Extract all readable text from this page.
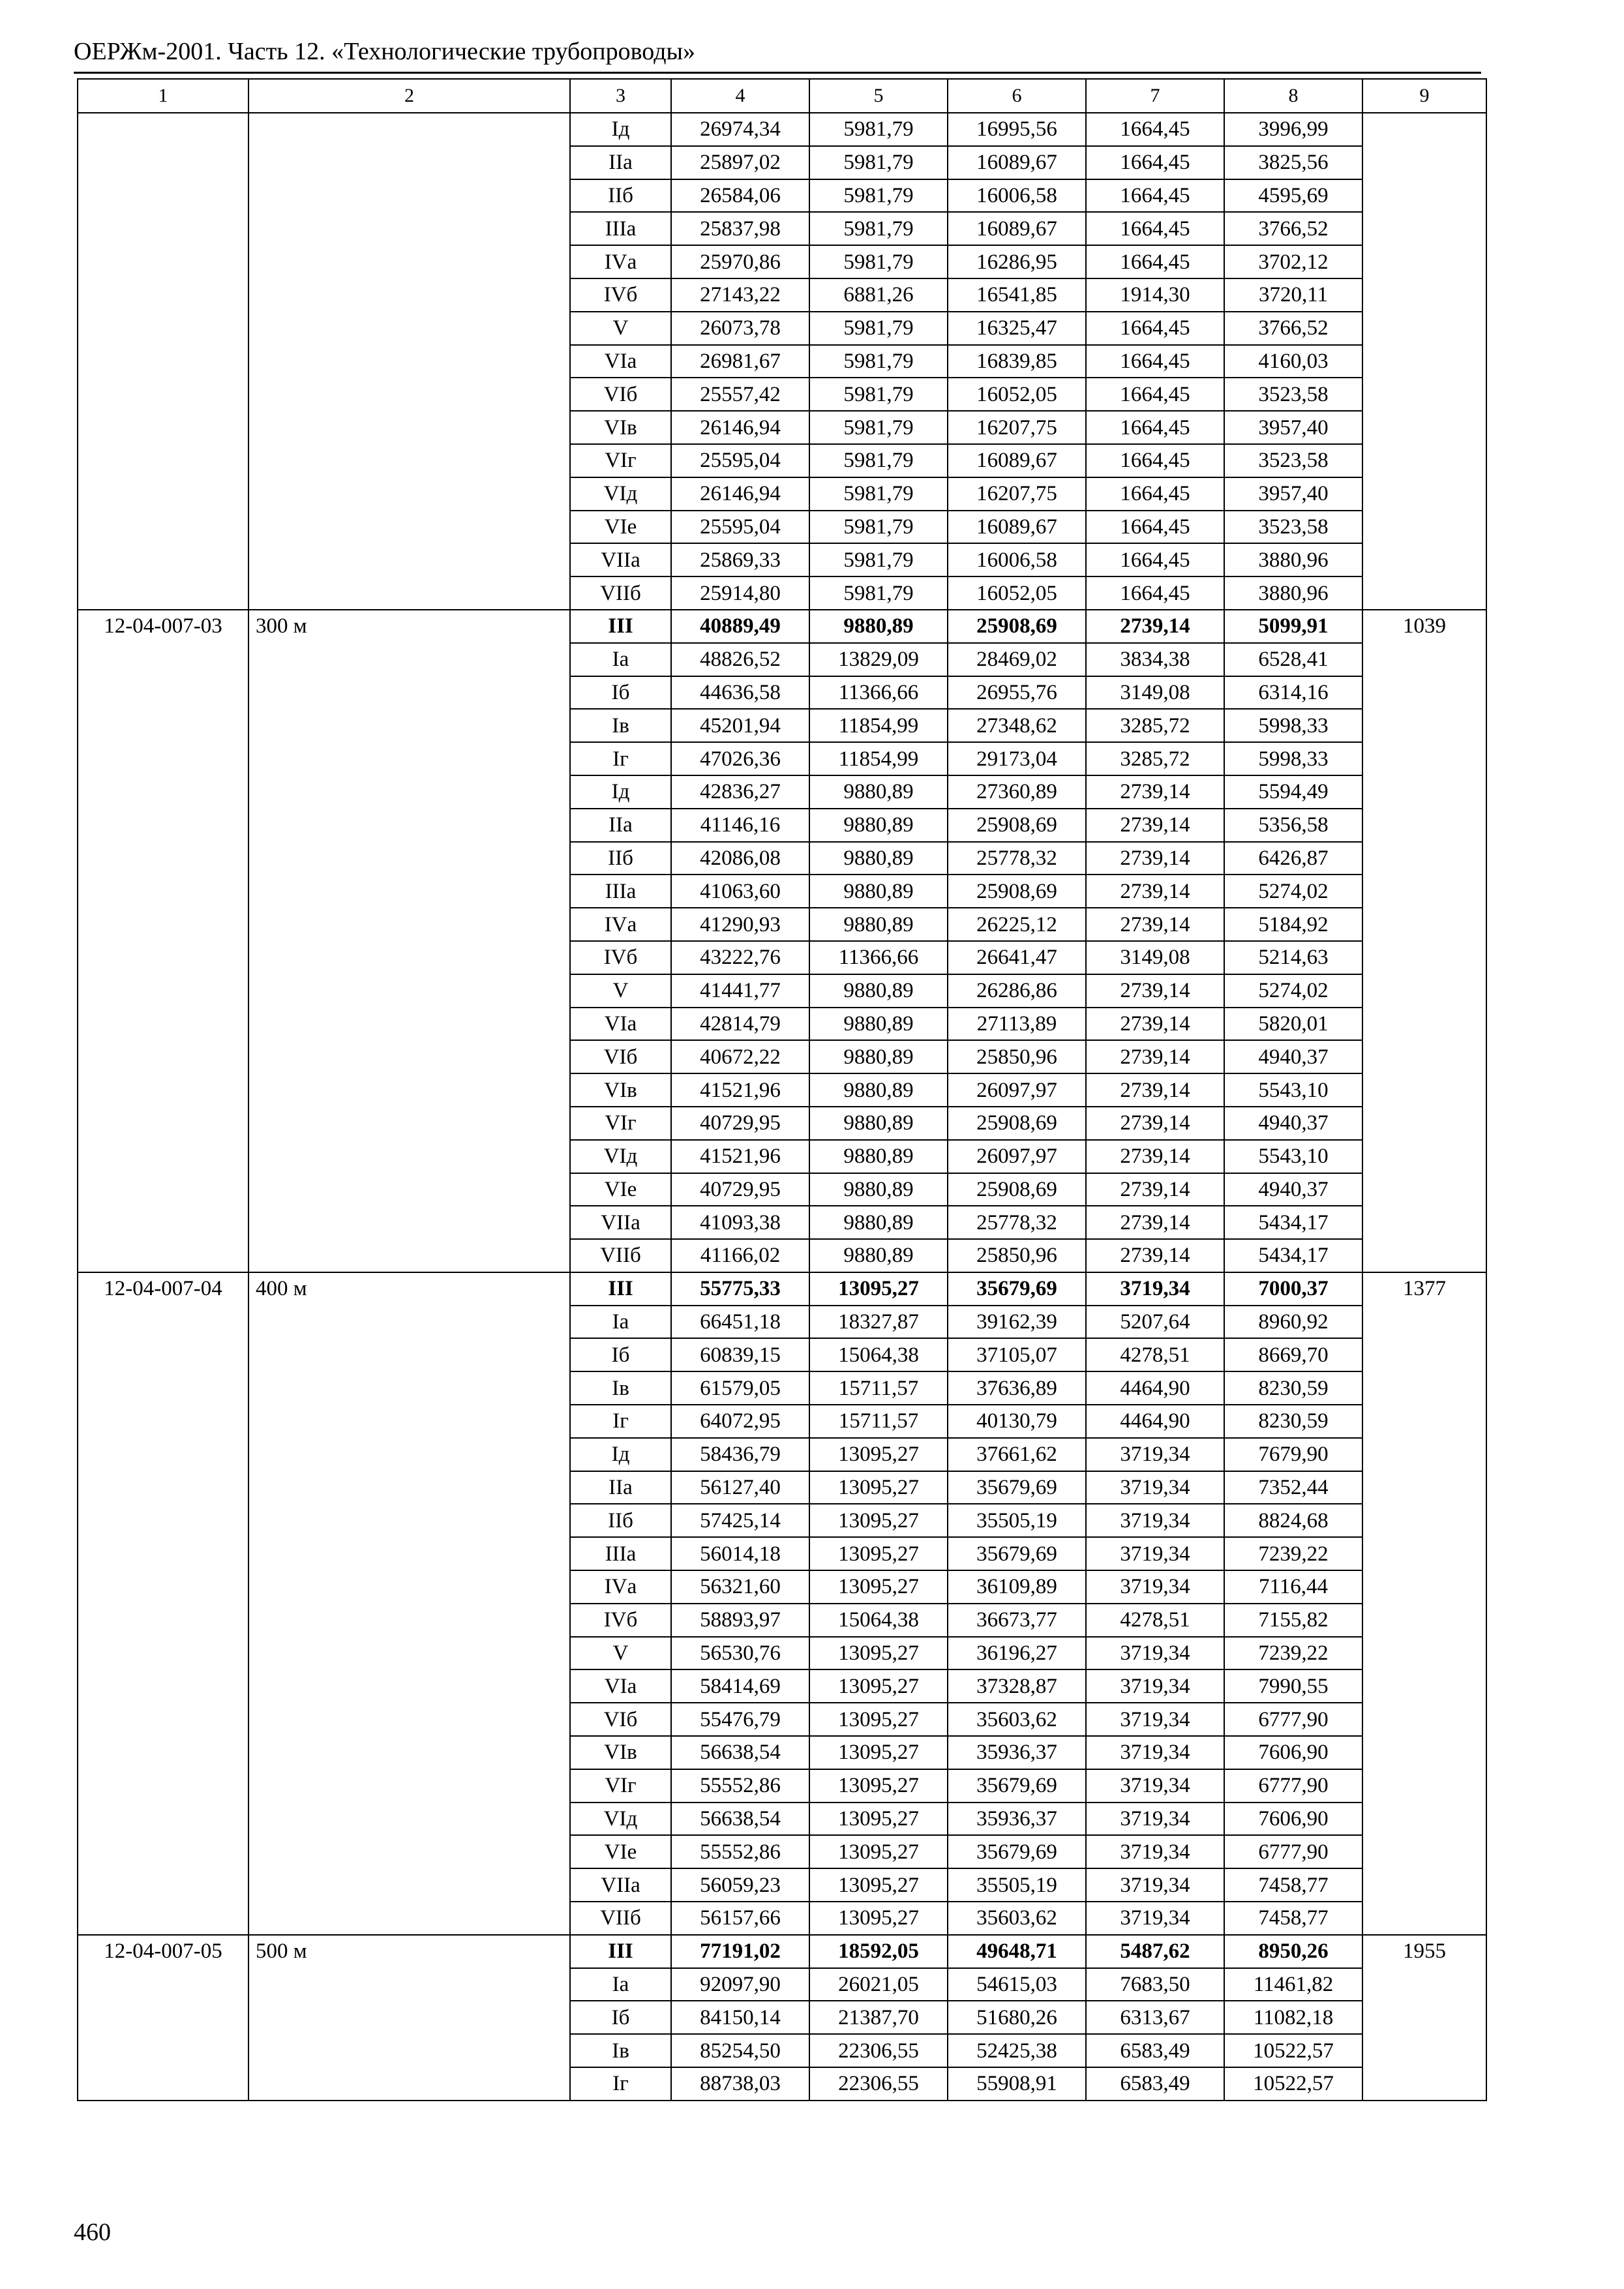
ОЕРЖм-2001. Часть 12. «Технологические трубопроводы»
1	2	3	4	5	6	7	8	9
		Iд	26974,34	5981,79	16995,56	1664,45	3996,99	
		IIа	25897,02	5981,79	16089,67	1664,45	3825,56	
		IIб	26584,06	5981,79	16006,58	1664,45	4595,69	
		IIIа	25837,98	5981,79	16089,67	1664,45	3766,52	
		IVа	25970,86	5981,79	16286,95	1664,45	3702,12	
		IVб	27143,22	6881,26	16541,85	1914,30	3720,11	
		V	26073,78	5981,79	16325,47	1664,45	3766,52	
		VIа	26981,67	5981,79	16839,85	1664,45	4160,03	
		VIб	25557,42	5981,79	16052,05	1664,45	3523,58	
		VIв	26146,94	5981,79	16207,75	1664,45	3957,40	
		VIг	25595,04	5981,79	16089,67	1664,45	3523,58	
		VIд	26146,94	5981,79	16207,75	1664,45	3957,40	
		VIе	25595,04	5981,79	16089,67	1664,45	3523,58	
		VIIа	25869,33	5981,79	16006,58	1664,45	3880,96	
		VIIб	25914,80	5981,79	16052,05	1664,45	3880,96	
12-04-007-03	300 м	III	40889,49	9880,89	25908,69	2739,14	5099,91	1039
		Iа	48826,52	13829,09	28469,02	3834,38	6528,41	
		Iб	44636,58	11366,66	26955,76	3149,08	6314,16	
		Iв	45201,94	11854,99	27348,62	3285,72	5998,33	
		Iг	47026,36	11854,99	29173,04	3285,72	5998,33	
		Iд	42836,27	9880,89	27360,89	2739,14	5594,49	
		IIа	41146,16	9880,89	25908,69	2739,14	5356,58	
		IIб	42086,08	9880,89	25778,32	2739,14	6426,87	
		IIIа	41063,60	9880,89	25908,69	2739,14	5274,02	
		IVа	41290,93	9880,89	26225,12	2739,14	5184,92	
		IVб	43222,76	11366,66	26641,47	3149,08	5214,63	
		V	41441,77	9880,89	26286,86	2739,14	5274,02	
		VIа	42814,79	9880,89	27113,89	2739,14	5820,01	
		VIб	40672,22	9880,89	25850,96	2739,14	4940,37	
		VIв	41521,96	9880,89	26097,97	2739,14	5543,10	
		VIг	40729,95	9880,89	25908,69	2739,14	4940,37	
		VIд	41521,96	9880,89	26097,97	2739,14	5543,10	
		VIе	40729,95	9880,89	25908,69	2739,14	4940,37	
		VIIа	41093,38	9880,89	25778,32	2739,14	5434,17	
		VIIб	41166,02	9880,89	25850,96	2739,14	5434,17	
12-04-007-04	400 м	III	55775,33	13095,27	35679,69	3719,34	7000,37	1377
		Iа	66451,18	18327,87	39162,39	5207,64	8960,92	
		Iб	60839,15	15064,38	37105,07	4278,51	8669,70	
		Iв	61579,05	15711,57	37636,89	4464,90	8230,59	
		Iг	64072,95	15711,57	40130,79	4464,90	8230,59	
		Iд	58436,79	13095,27	37661,62	3719,34	7679,90	
		IIа	56127,40	13095,27	35679,69	3719,34	7352,44	
		IIб	57425,14	13095,27	35505,19	3719,34	8824,68	
		IIIа	56014,18	13095,27	35679,69	3719,34	7239,22	
		IVа	56321,60	13095,27	36109,89	3719,34	7116,44	
		IVб	58893,97	15064,38	36673,77	4278,51	7155,82	
		V	56530,76	13095,27	36196,27	3719,34	7239,22	
		VIа	58414,69	13095,27	37328,87	3719,34	7990,55	
		VIб	55476,79	13095,27	35603,62	3719,34	6777,90	
		VIв	56638,54	13095,27	35936,37	3719,34	7606,90	
		VIг	55552,86	13095,27	35679,69	3719,34	6777,90	
		VIд	56638,54	13095,27	35936,37	3719,34	7606,90	
		VIе	55552,86	13095,27	35679,69	3719,34	6777,90	
		VIIа	56059,23	13095,27	35505,19	3719,34	7458,77	
		VIIб	56157,66	13095,27	35603,62	3719,34	7458,77	
12-04-007-05	500 м	III	77191,02	18592,05	49648,71	5487,62	8950,26	1955
		Iа	92097,90	26021,05	54615,03	7683,50	11461,82	
		Iб	84150,14	21387,70	51680,26	6313,67	11082,18	
		Iв	85254,50	22306,55	52425,38	6583,49	10522,57	
		Iг	88738,03	22306,55	55908,91	6583,49	10522,57	
460
